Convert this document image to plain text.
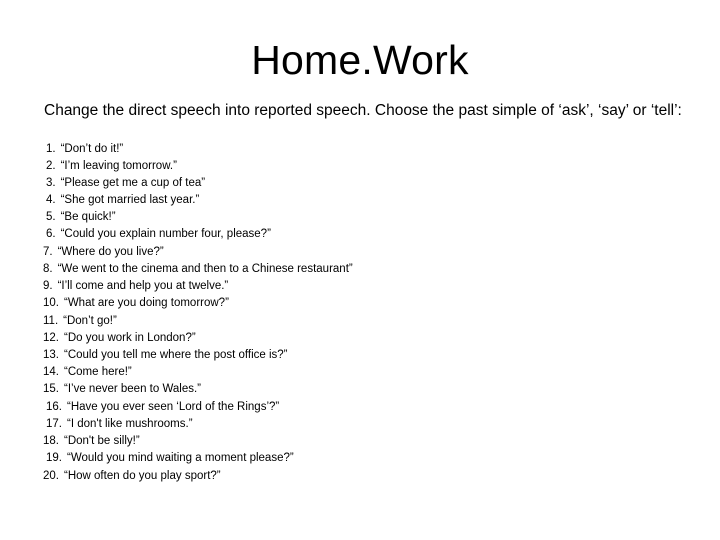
Home.Work
Change the direct speech into reported speech. Choose the past simple of ‘ask’, ‘say’ or ‘tell’:
1. “Don’t do it!”
2. “I’m leaving tomorrow.”
3. “Please get me a cup of tea”
4. “She got married last year.”
5. “Be quick!”
6. “Could you explain number four, please?”
7. “Where do you live?”
8. “We went to the cinema and then to a Chinese restaurant”
9. “I’ll come and help you at twelve.”
10. “What are you doing tomorrow?”
11. “Don’t go!”
12. “Do you work in London?”
13. “Could you tell me where the post office is?”
14. “Come here!”
15. “I’ve never been to Wales.”
16. “Have you ever seen ‘Lord of the Rings’?”
17. “I don't like mushrooms.”
18. “Don't be silly!”
19. “Would you mind waiting a moment please?”
20. “How often do you play sport?”
